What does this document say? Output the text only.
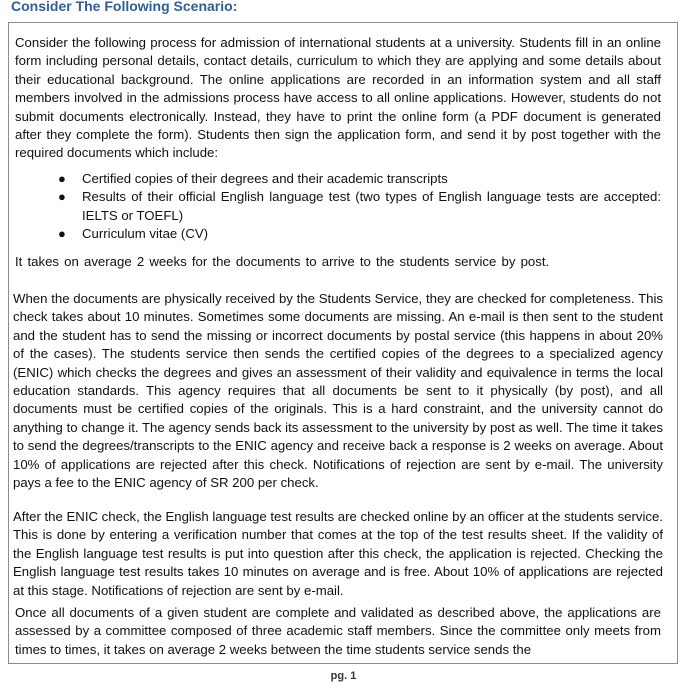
Consider The Following Scenario:

Consider the following process for admission of international students at a university. Students fill in an online form including personal details, contact details, curriculum to which they are applying and some details about their educational background. The online applications are recorded in an information system and all staff members involved in the admissions process have access to all online applications. However, students do not submit documents electronically. Instead, they have to print the online form (a PDF document is generated after they complete the form). Students then sign the application form, and send it by post together with the required documents which include:

● Certified copies of their degrees and their academic transcripts
● Results of their official English language test (two types of English language tests are accepted: IELTS or TOEFL)
● Curriculum vitae (CV)

It takes on average 2 weeks for the documents to arrive to the students service by post.

When the documents are physically received by the Students Service, they are checked for completeness. This check takes about 10 minutes. Sometimes some documents are missing. An e-mail is then sent to the student and the student has to send the missing or incorrect documents by postal service (this happens in about 20% of the cases). The students service then sends the certified copies of the degrees to a specialized agency (ENIC) which checks the degrees and gives an assessment of their validity and equivalence in terms the local education standards. This agency requires that all documents be sent to it physically (by post), and all documents must be certified copies of the originals. This is a hard constraint, and the university cannot do anything to change it. The agency sends back its assessment to the university by post as well. The time it takes to send the degrees/transcripts to the ENIC agency and receive back a response is 2 weeks on average. About 10% of applications are rejected after this check. Notifications of rejection are sent by e-mail. The university pays a fee to the ENIC agency of SR 200 per check.

After the ENIC check, the English language test results are checked online by an officer at the students service. This is done by entering a verification number that comes at the top of the test results sheet. If the validity of the English language test results is put into question after this check, the application is rejected. Checking the English language test results takes 10 minutes on average and is free. About 10% of applications are rejected at this stage. Notifications of rejection are sent by e-mail.

Once all documents of a given student are complete and validated as described above, the applications are assessed by a committee composed of three academic staff members. Since the committee only meets from times to times, it takes on average 2 weeks between the time students service sends the

pg. 1
